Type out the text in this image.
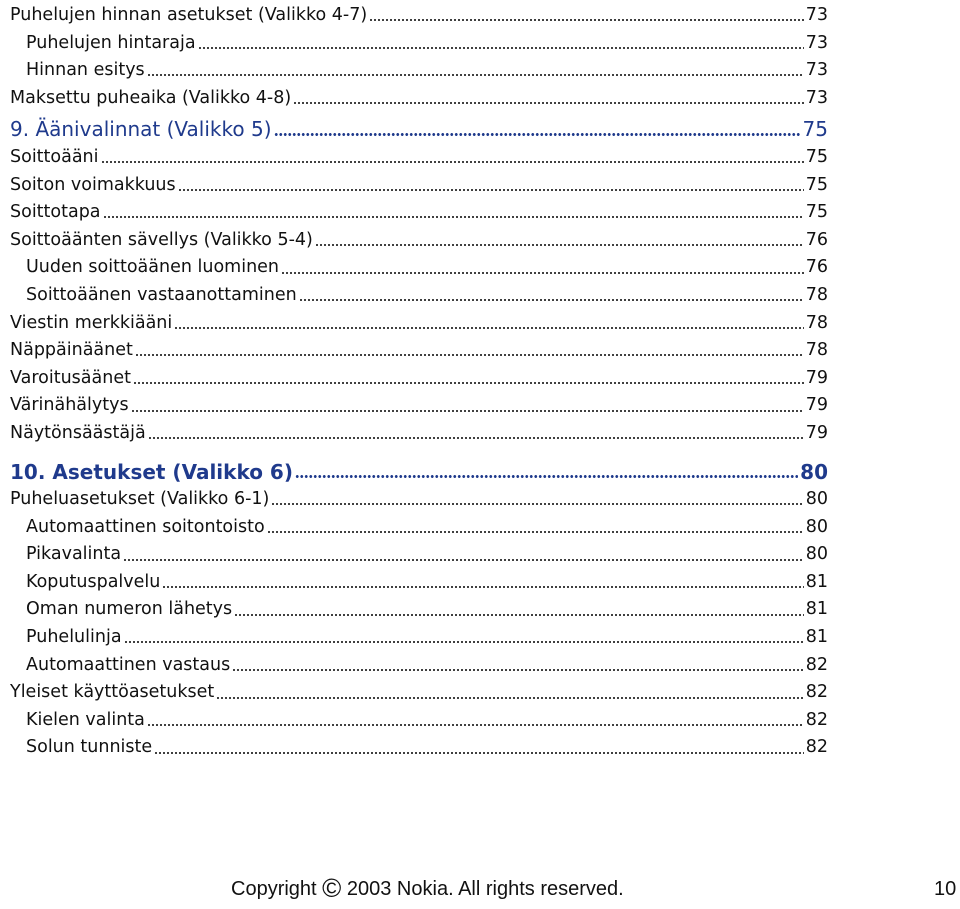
Puhelujen hinnan asetukset (Valikko 4-7)	73
Puhelujen hintaraja	73
Hinnan esitys	73
Maksettu puheaika (Valikko 4-8)	73
9. Äänivalinnat (Valikko 5)	75
Soittoääni	75
Soiton voimakkuus	75
Soittotapa	75
Soittoäänten sävellys (Valikko 5-4)	76
Uuden soittoäänen luominen	76
Soittoäänen vastaanottaminen	78
Viestin merkkiääni	78
Näppäinäänet	78
Varoitusäänet	79
Värinähälytys	79
Näytönsäästäjä	79
10. Asetukset (Valikko 6)	80
Puheluasetukset (Valikko 6-1)	80
Automaattinen soitontoisto	80
Pikavalinta	80
Koputuspalvelu	81
Oman numeron lähetys	81
Puhelulinja	81
Automaattinen vastaus	82
Yleiset käyttöasetukset	82
Kielen valinta	82
Solun tunniste	82
Copyright © 2003 Nokia. All rights reserved.	10
